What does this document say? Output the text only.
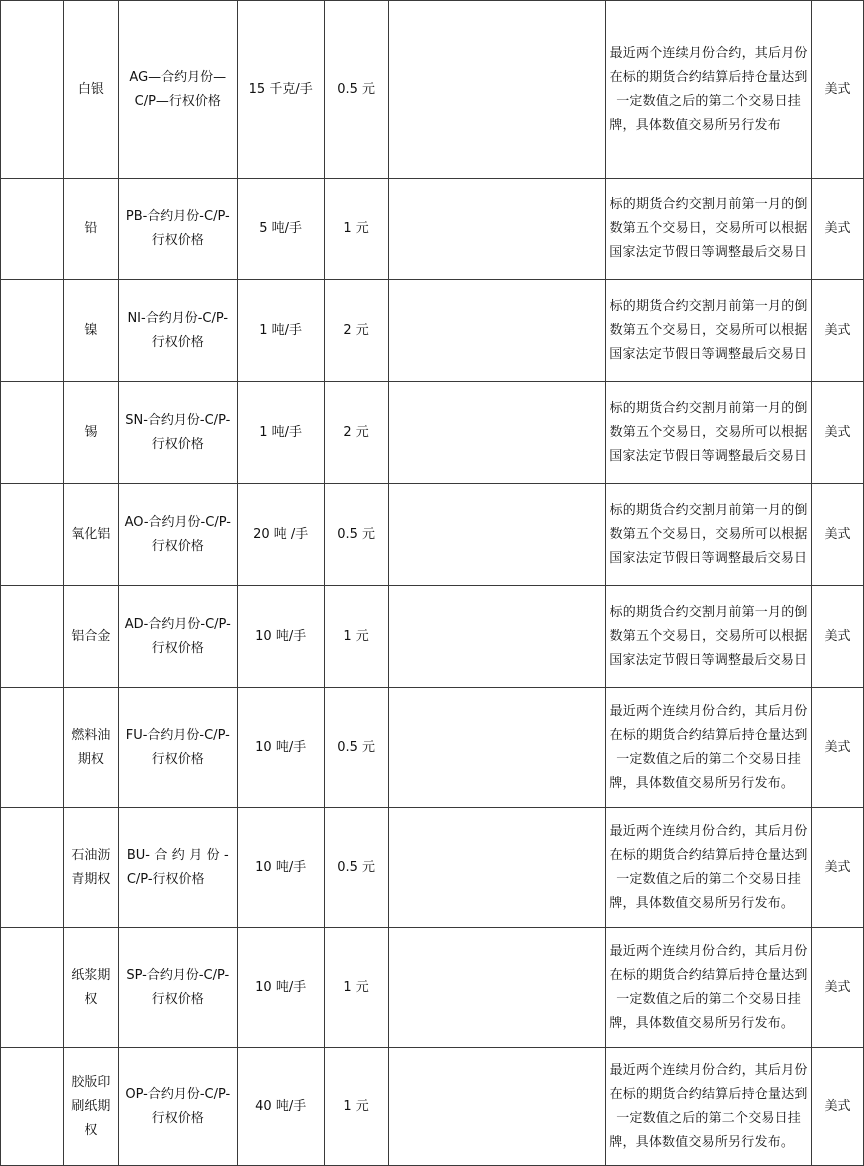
	白银	AG—合约月份—C/P—行权价格	15 千克/手	0.5 元		最近两个连续月份合约，其后月份在标的期货合约结算后持仓量达到一定数值之后的第二个交易日挂牌，具体数值交易所另行发布	美式
	铅	PB-合约月份-C/P-行权价格	5 吨/手	1 元		标的期货合约交割月前第一月的倒数第五个交易日，交易所可以根据国家法定节假日等调整最后交易日	美式
	镍	NI-合约月份-C/P-行权价格	1 吨/手	2 元		标的期货合约交割月前第一月的倒数第五个交易日，交易所可以根据国家法定节假日等调整最后交易日	美式
	锡	SN-合约月份-C/P-行权价格	1 吨/手	2 元		标的期货合约交割月前第一月的倒数第五个交易日，交易所可以根据国家法定节假日等调整最后交易日	美式
	氧化铝	AO-合约月份-C/P-行权价格	20 吨 /手	0.5 元		标的期货合约交割月前第一月的倒数第五个交易日，交易所可以根据国家法定节假日等调整最后交易日	美式
	铝合金	AD-合约月份-C/P-行权价格	10 吨/手	1 元		标的期货合约交割月前第一月的倒数第五个交易日，交易所可以根据国家法定节假日等调整最后交易日	美式
	燃料油期权	FU-合约月份-C/P-行权价格	10 吨/手	0.5 元		最近两个连续月份合约，其后月份在标的期货合约结算后持仓量达到一定数值之后的第二个交易日挂牌，具体数值交易所另行发布。	美式
	石油沥青期权	BU-合约月份-C/P-行权价格	10 吨/手	0.5 元		最近两个连续月份合约，其后月份在标的期货合约结算后持仓量达到一定数值之后的第二个交易日挂牌，具体数值交易所另行发布。	美式
	纸浆期权	SP-合约月份-C/P-行权价格	10 吨/手	1 元		最近两个连续月份合约，其后月份在标的期货合约结算后持仓量达到一定数值之后的第二个交易日挂牌，具体数值交易所另行发布。	美式
	胶版印刷纸期权	OP-合约月份-C/P-行权价格	40 吨/手	1 元		最近两个连续月份合约，其后月份在标的期货合约结算后持仓量达到一定数值之后的第二个交易日挂牌，具体数值交易所另行发布。	美式
